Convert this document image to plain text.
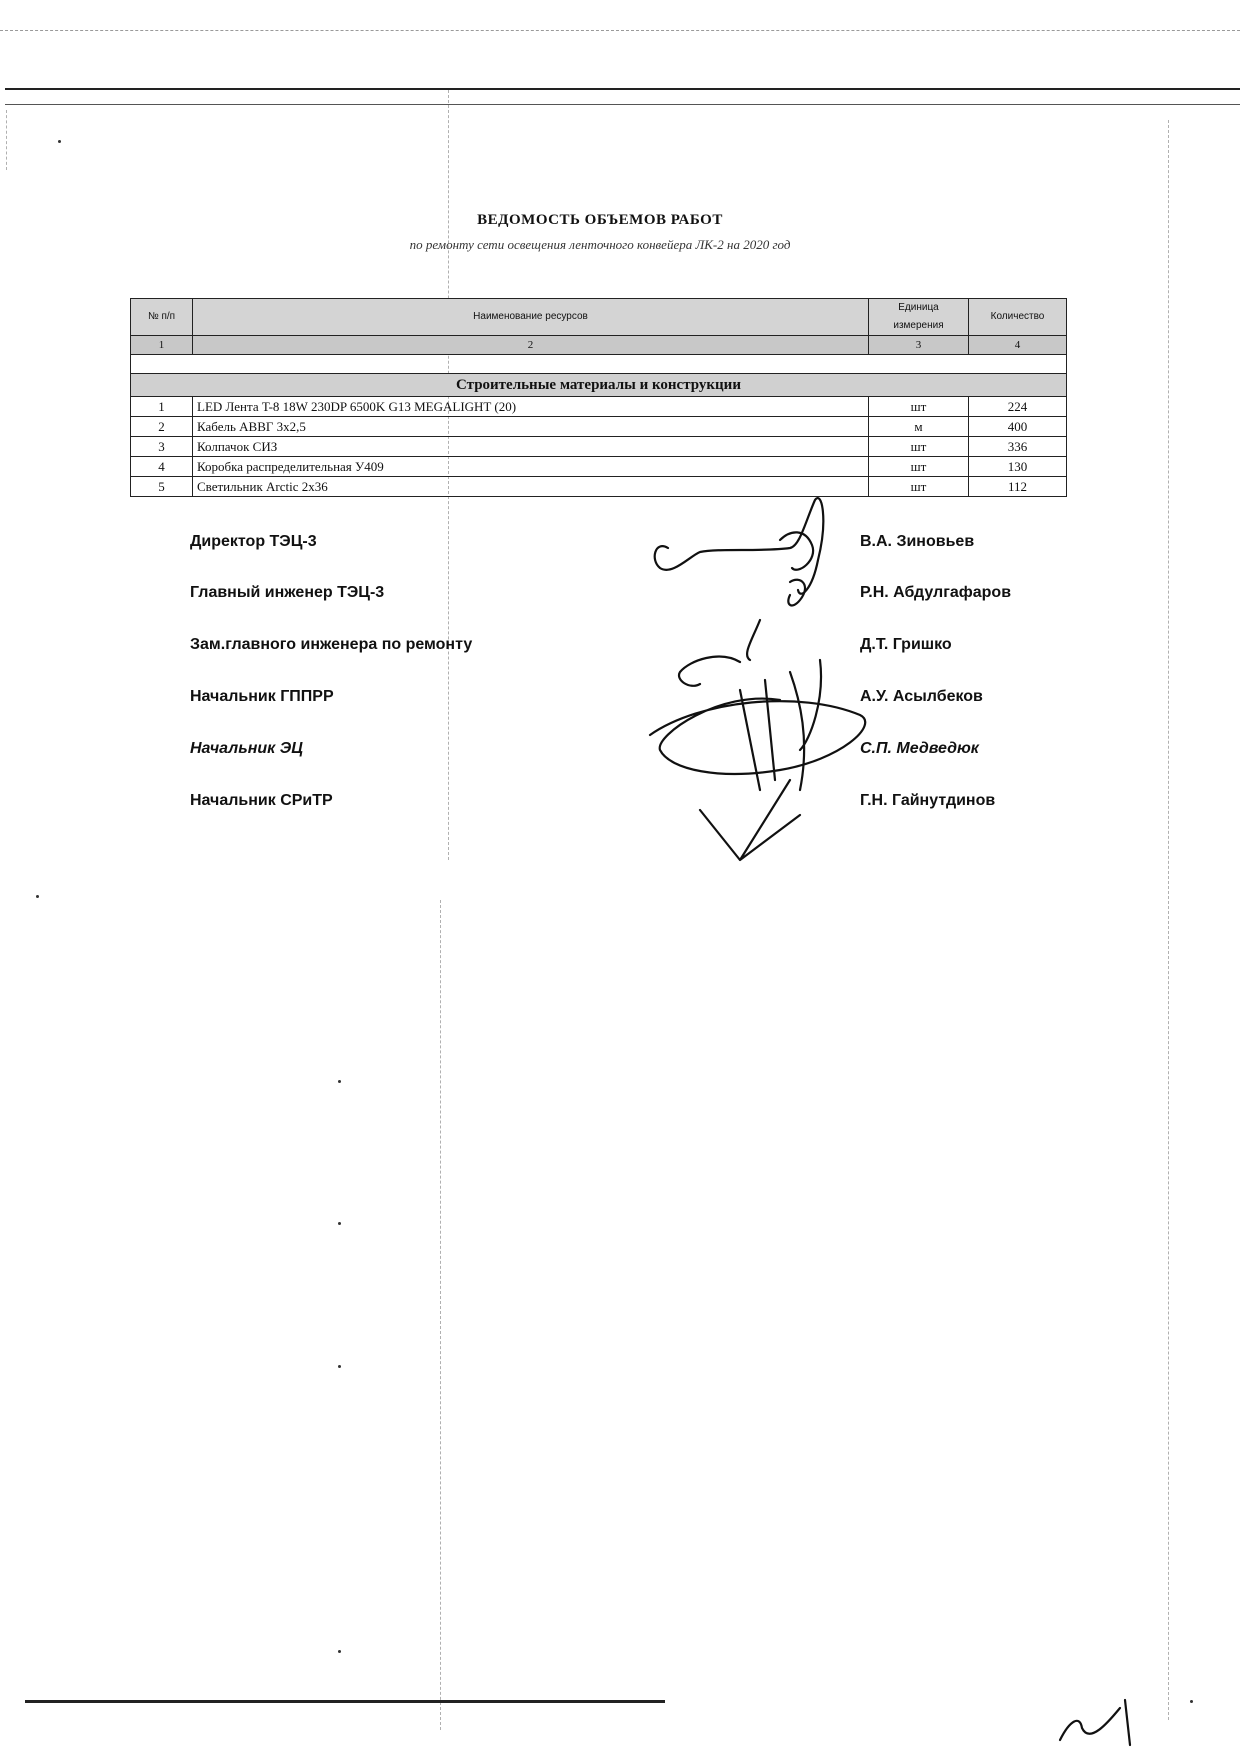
ВЕДОМОСТЬ ОБЪЕМОВ РАБОТ
по ремонту сети освещения ленточного конвейера ЛК-2 на 2020 год
№ п/п	Наименование ресурсов	Единица измерения	Количество
1	2	3	4

Строительные материалы и конструкции			
1	LED Лента T-8 18W 230DP 6500K G13 MEGALIGHT (20)	шт	224
2	Кабель АВВГ 3х2,5	м	400
3	Колпачок СИЗ	шт	336
4	Коробка распределительная У409	шт	130
5	Светильник Arctic 2х36	шт	112
Директор ТЭЦ-3	В.А. Зиновьев
Главный инженер ТЭЦ-3	Р.Н. Абдулгафаров
Зам.главного инженера по ремонту	Д.Т. Гришко
Начальник ГППРР	А.У. Асылбеков
Начальник ЭЦ	С.П. Медведюк
Начальник СРиТР	Г.Н. Гайнутдинов
